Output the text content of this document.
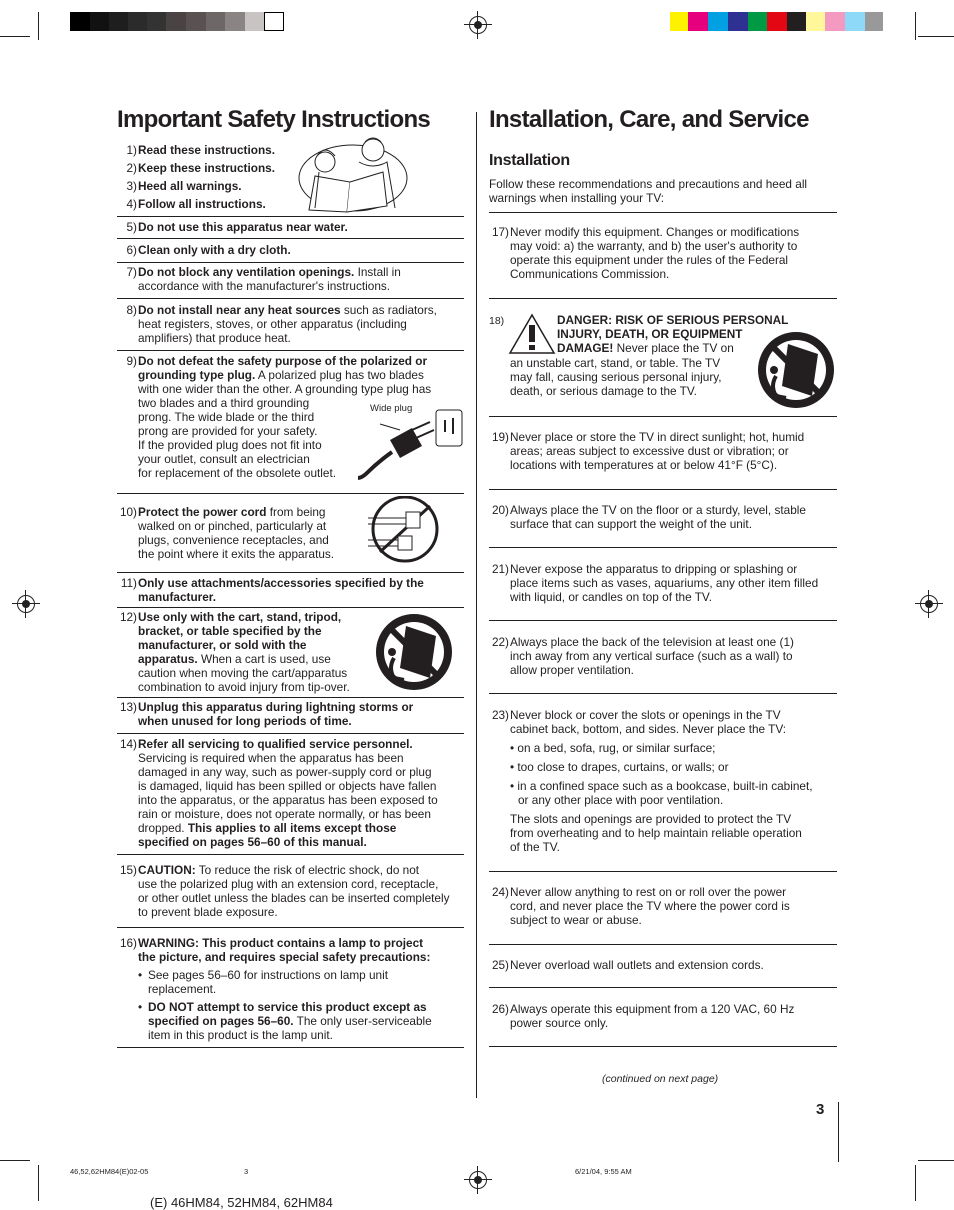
Important Safety Instructions
1) Read these instructions.
2) Keep these instructions.
3) Heed all warnings.
4) Follow all instructions.
5) Do not use this apparatus near water.
6) Clean only with a dry cloth.
7) Do not block any ventilation openings. Install in
accordance with the manufacturer's instructions.
8) Do not install near any heat sources such as radiators,
heat registers, stoves, or other apparatus (including
amplifiers) that produce heat.
9) Do not defeat the safety purpose of the polarized or
grounding type plug. A polarized plug has two blades
with one wider than the other. A grounding type plug has
two blades and a third grounding
prong. The wide blade or the third
prong are provided for your safety.
If the provided plug does not fit into
your outlet, consult an electrician
for replacement of the obsolete outlet.
Wide plug
10) Protect the power cord from being
walked on or pinched, particularly at
plugs, convenience receptacles, and
the point where it exits the apparatus.
11) Only use attachments/accessories specified by the
manufacturer.
12) Use only with the cart, stand, tripod,
bracket, or table specified by the
manufacturer, or sold with the
apparatus. When a cart is used, use
caution when moving the cart/apparatus
combination to avoid injury from tip-over.
13) Unplug this apparatus during lightning storms or
when unused for long periods of time.
14) Refer all servicing to qualified service personnel.
Servicing is required when the apparatus has been
damaged in any way, such as power-supply cord or plug
is damaged, liquid has been spilled or objects have fallen
into the apparatus, or the apparatus has been exposed to
rain or moisture, does not operate normally, or has been
dropped. This applies to all items except those
specified on pages 56–60 of this manual.
15) CAUTION: To reduce the risk of electric shock, do not
use the polarized plug with an extension cord, receptacle,
or other outlet unless the blades can be inserted completely
to prevent blade exposure.
16) WARNING: This product contains a lamp to project
the picture, and requires special safety precautions:
• See pages 56–60 for instructions on lamp unit
replacement.
• DO NOT attempt to service this product except as
specified on pages 56–60. The only user-serviceable
item in this product is the lamp unit.
Installation, Care, and Service
Installation
Follow these recommendations and precautions and heed all
warnings when installing your TV:
17) Never modify this equipment. Changes or modifications
may void: a) the warranty, and b) the user's authority to
operate this equipment under the rules of the Federal
Communications Commission.
18)	DANGER: RISK OF SERIOUS PERSONAL
INJURY, DEATH, OR EQUIPMENT
DAMAGE! Never place the TV on
an unstable cart, stand, or table. The TV
may fall, causing serious personal injury,
death, or serious damage to the TV.
19) Never place or store the TV in direct sunlight; hot, humid
areas; areas subject to excessive dust or vibration; or
locations with temperatures at or below 41°F (5°C).
20) Always place the TV on the floor or a sturdy, level, stable
surface that can support the weight of the unit.
21) Never expose the apparatus to dripping or splashing or
place items such as vases, aquariums, any other item filled
with liquid, or candles on top of the TV.
22) Always place the back of the television at least one (1)
inch away from any vertical surface (such as a wall) to
allow proper ventilation.
23) Never block or cover the slots or openings in the TV
cabinet back, bottom, and sides. Never place the TV:
• on a bed, sofa, rug, or similar surface;
• too close to drapes, curtains, or walls; or
• in a confined space such as a bookcase, built-in cabinet,
or any other place with poor ventilation.
The slots and openings are provided to protect the TV
from overheating and to help maintain reliable operation
of the TV.
24) Never allow anything to rest on or roll over the power
cord, and never place the TV where the power cord is
subject to wear or abuse.
25) Never overload wall outlets and extension cords.
26) Always operate this equipment from a 120 VAC, 60 Hz
power source only.
(continued on next page)
3
46,52,62HM84(E)02-05	3	6/21/04, 9:55 AM
(E) 46HM84, 52HM84, 62HM84
